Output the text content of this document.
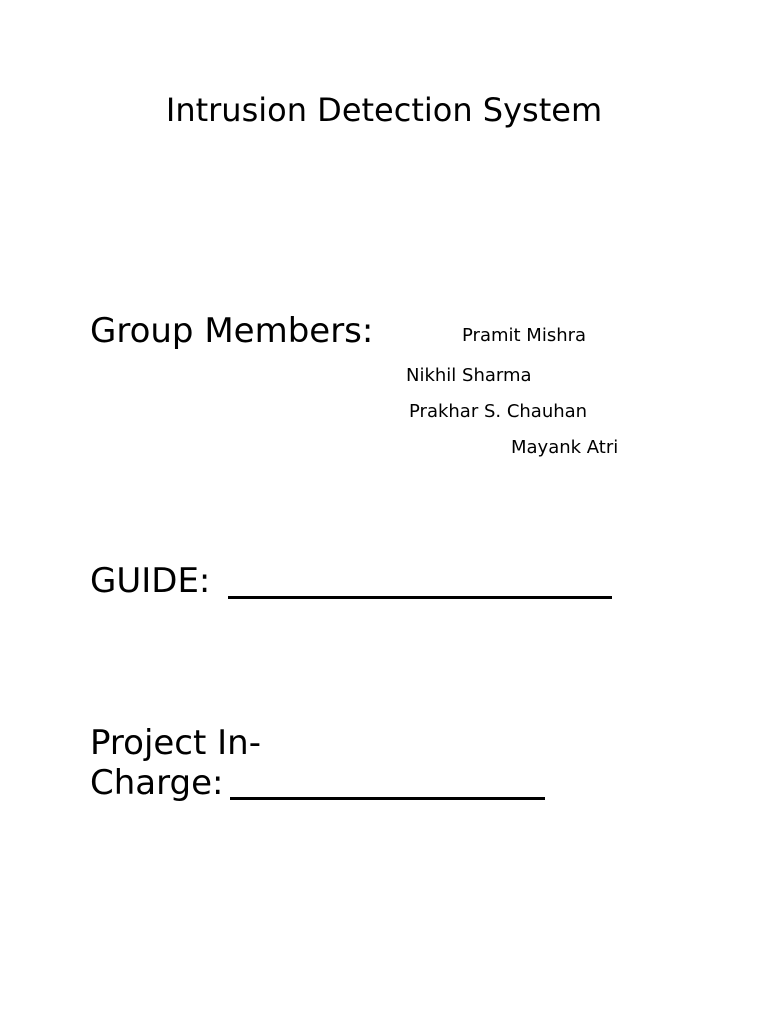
Intrusion Detection System
Group Members:	Pramit Mishra
Nikhil Sharma
Prakhar S. Chauhan
Mayank Atri
GUIDE:
Project In-
Charge:
